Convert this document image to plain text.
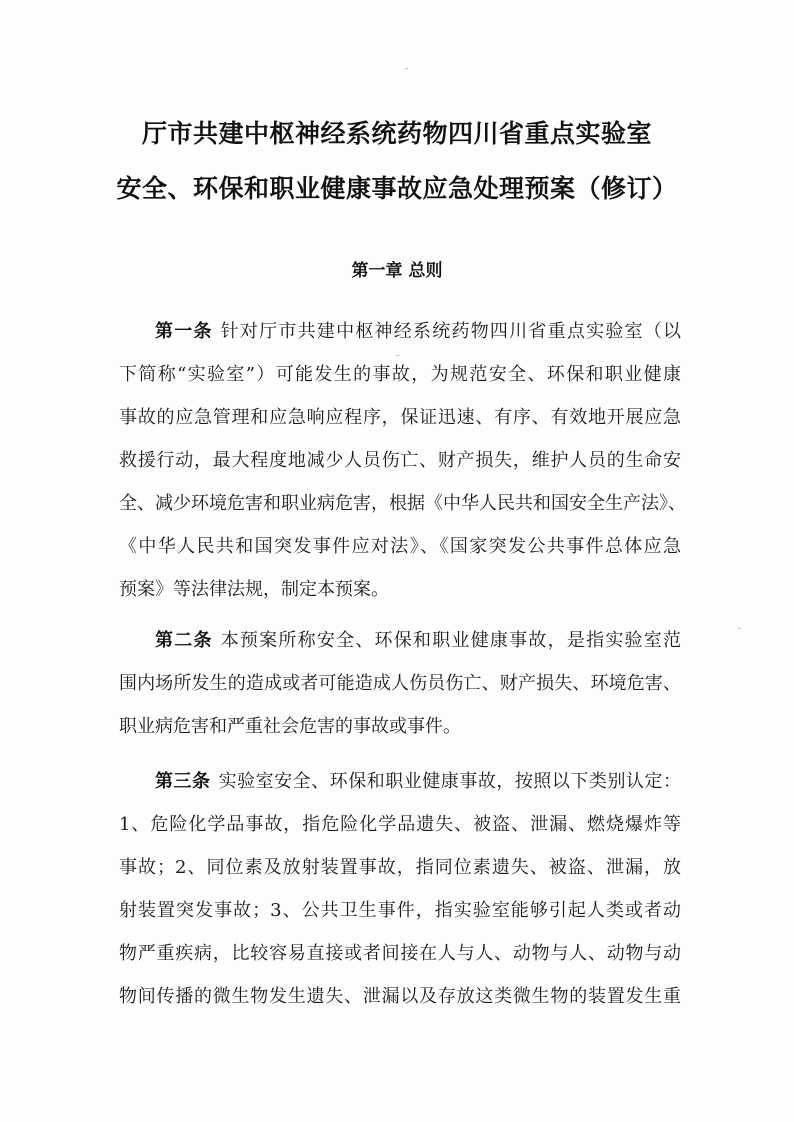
厅市共建中枢神经系统药物四川省重点实验室
安全、环保和职业健康事故应急处理预案（修订）
第一章 总则
第一条 针对厅市共建中枢神经系统药物四川省重点实验室（以
下简称“实验室”）可能发生的事故，为规范安全、环保和职业健康
事故的应急管理和应急响应程序，保证迅速、有序、有效地开展应急
救援行动，最大程度地减少人员伤亡、财产损失，维护人员的生命安
全、减少环境危害和职业病危害，根据《中华人民共和国安全生产法》、
《中华人民共和国突发事件应对法》、《国家突发公共事件总体应急
预案》等法律法规，制定本预案。
第二条 本预案所称安全、环保和职业健康事故，是指实验室范
围内场所发生的造成或者可能造成人伤员伤亡、财产损失、环境危害、
职业病危害和严重社会危害的事故或事件。
第三条 实验室安全、环保和职业健康事故，按照以下类别认定：
1、危险化学品事故，指危险化学品遗失、被盗、泄漏、燃烧爆炸等
事故；2、同位素及放射装置事故，指同位素遗失、被盗、泄漏，放
射装置突发事故；3、公共卫生事件，指实验室能够引起人类或者动
物严重疾病，比较容易直接或者间接在人与人、动物与人、动物与动
物间传播的微生物发生遗失、泄漏以及存放这类微生物的装置发生重
